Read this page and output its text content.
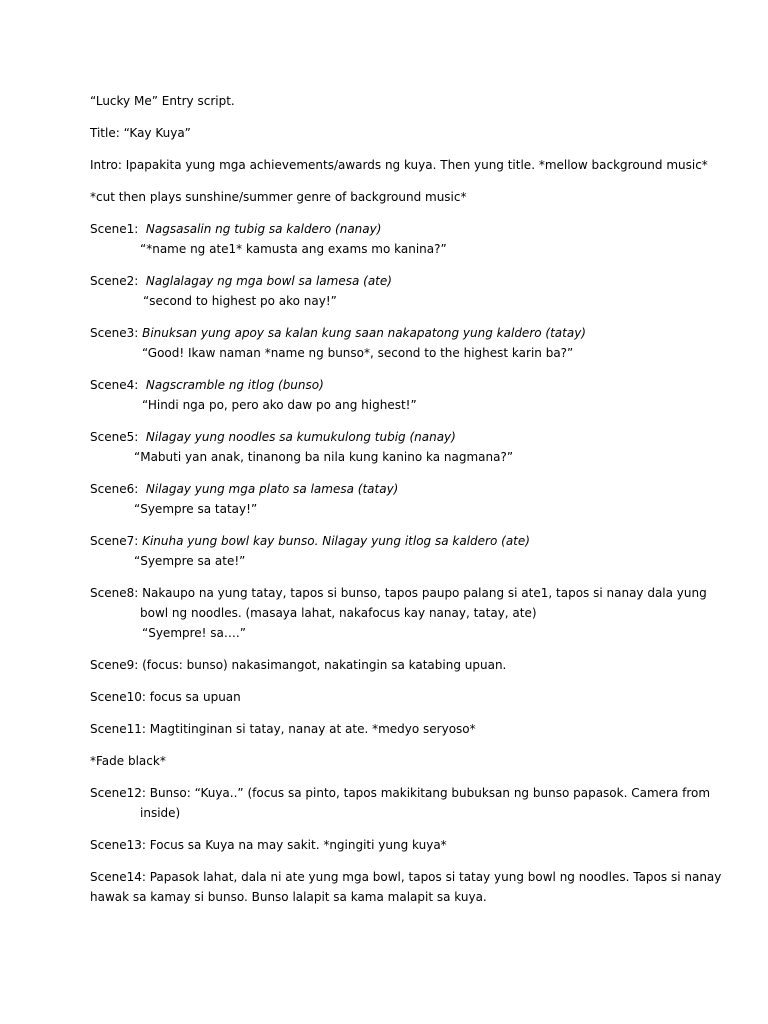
“Lucky Me” Entry script.

Title: “Kay Kuya”

Intro: Ipapakita yung mga achievements/awards ng kuya. Then yung title. *mellow background music*

*cut then plays sunshine/summer genre of background music*

Scene1: Nagsasalin ng tubig sa kaldero (nanay)
“*name ng ate1* kamusta ang exams mo kanina?”
Scene2: Naglalagay ng mga bowl sa lamesa (ate)
“second to highest po ako nay!”
Scene3: Binuksan yung apoy sa kalan kung saan nakapatong yung kaldero (tatay)
“Good! Ikaw naman *name ng bunso*, second to the highest karin ba?”
Scene4: Nagscramble ng itlog (bunso)
“Hindi nga po, pero ako daw po ang highest!”
Scene5: Nilagay yung noodles sa kumukulong tubig (nanay)
“Mabuti yan anak, tinanong ba nila kung kanino ka nagmana?”
Scene6: Nilagay yung mga plato sa lamesa (tatay)
“Syempre sa tatay!”
Scene7: Kinuha yung bowl kay bunso. Nilagay yung itlog sa kaldero (ate)
“Syempre sa ate!”
Scene8: Nakaupo na yung tatay, tapos si bunso, tapos paupo palang si ate1, tapos si nanay dala yung
bowl ng noodles. (masaya lahat, nakafocus kay nanay, tatay, ate)
“Syempre! sa….”

Scene9: (focus: bunso) nakasimangot, nakatingin sa katabing upuan.

Scene10: focus sa upuan

Scene11: Magtitinginan si tatay, nanay at ate. *medyo seryoso*

*Fade black*

Scene12: Bunso: “Kuya..” (focus sa pinto, tapos makikitang bubuksan ng bunso papasok. Camera from
inside)

Scene13: Focus sa Kuya na may sakit. *ngingiti yung kuya*

Scene14: Papasok lahat, dala ni ate yung mga bowl, tapos si tatay yung bowl ng noodles. Tapos si nanay
hawak sa kamay si bunso. Bunso lalapit sa kama malapit sa kuya.
